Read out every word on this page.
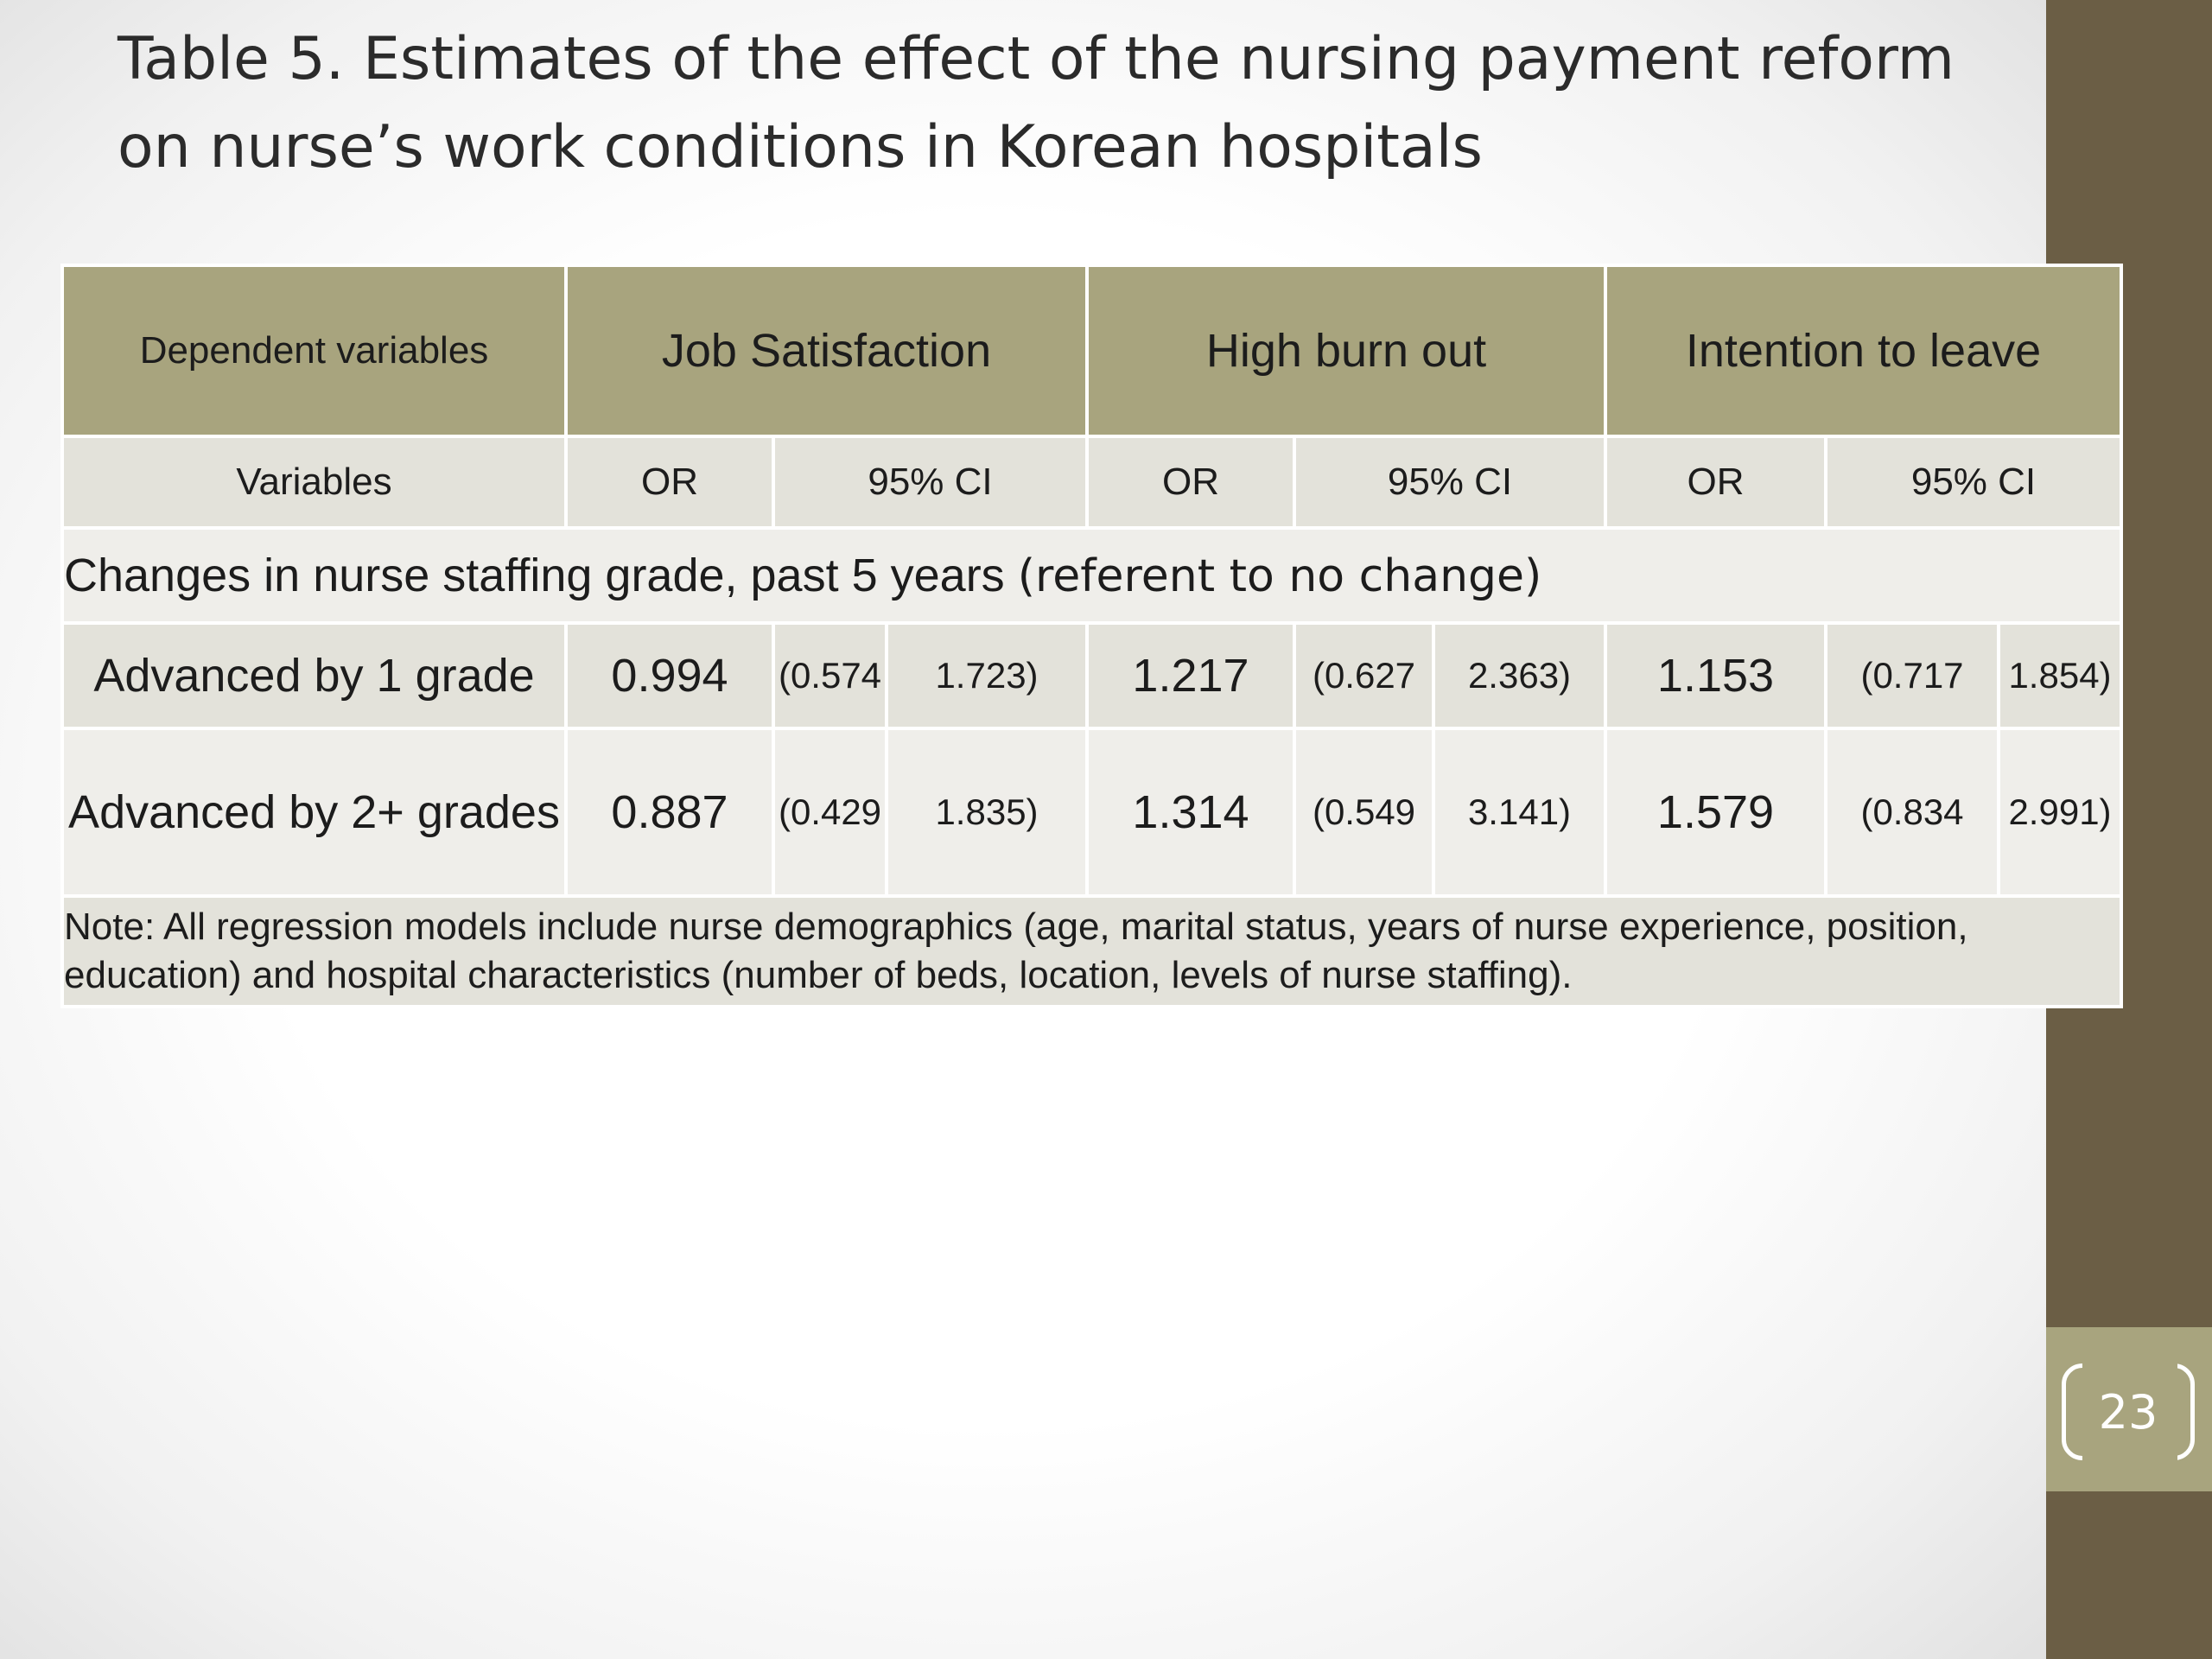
23
Table 5. Estimates of the effect of the nursing payment reform on nurse’s work conditions in Korean hospitals
Dependent variables	Job Satisfaction			High burn out			Intention to leave		
Variables	OR	95% CI		OR	95% CI		OR	95% CI	
Changes in nurse staffing grade, past 5 years (referent to no change)									
Advanced by 1 grade	0.994	(0.574	1.723)	1.217	(0.627	2.363)	1.153	(0.717	1.854)
Advanced by 2+ grades	0.887	(0.429	1.835)	1.314	(0.549	3.141)	1.579	(0.834	2.991)
Note: All regression models include nurse demographics (age, marital status, years of nurse experience, position, education) and hospital characteristics (number of beds, location, levels of nurse staffing).									
